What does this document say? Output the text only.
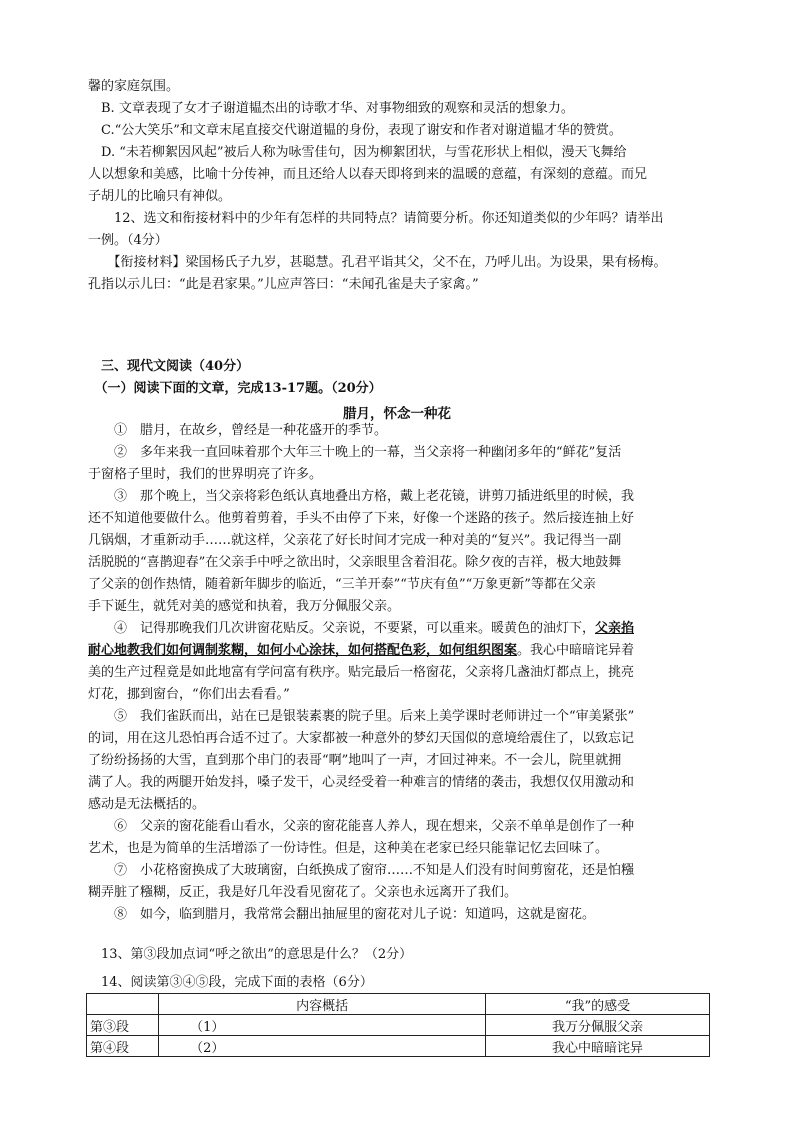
馨的家庭氛围。
　B. 文章表现了女才子谢道韫杰出的诗歌才华、对事物细致的观察和灵活的想象力。
　C.“公大笑乐”和文章末尾直接交代谢道韫的身份，表现了谢安和作者对谢道韫才华的赞赏。
　D. “未若柳絮因风起”被后人称为咏雪佳句，因为柳絮团状，与雪花形状上相似，漫天飞舞给
人以想象和美感，比喻十分传神，而且还给人以春天即将到来的温暖的意蕴，有深刻的意蕴。而兄
子胡儿的比喻只有神似。
　　12、选文和衔接材料中的少年有怎样的共同特点？请简要分析。你还知道类似的少年吗？请举出
一例。（4分）
　　【衔接材料】梁国杨氏子九岁，甚聪慧。孔君平诣其父，父不在，乃呼儿出。为设果，果有杨梅。
孔指以示儿曰：“此是君家果。”儿应声答曰：“未闻孔雀是夫子家禽。”
　三、现代文阅读（40分）
　（一）阅读下面的文章，完成13-17题。（20分）
腊月，怀念一种花
　　①　腊月，在故乡，曾经是一种花盛开的季节。
　　②　多年来我一直回味着那个大年三十晚上的一幕，当父亲将一种幽闭多年的“鲜花”复活
于窗格子里时，我们的世界明亮了许多。
　　③　那个晚上，当父亲将彩色纸认真地叠出方格，戴上老花镜，讲剪刀插进纸里的时候，我
还不知道他要做什么。他剪着剪着，手头不由停了下来，好像一个迷路的孩子。然后接连抽上好
几锅烟，才重新动手……就这样，父亲花了好长时间才完成一种对美的“复兴”。我记得当一副
活脱脱的“喜鹊迎春”在父亲手中呼之欲出时，父亲眼里含着泪花。除夕夜的吉祥，极大地鼓舞
了父亲的创作热情，随着新年脚步的临近，“三羊开泰”“节庆有鱼”“万象更新”等都在父亲
手下诞生，就凭对美的感觉和执着，我万分佩服父亲。
　　④　记得那晚我们几次讲窗花贴反。父亲说，不要紧，可以重来。暖黄色的油灯下，父亲掐
耐心地教我们如何调制浆糊，如何小心涂抹，如何搭配色彩，如何组织图案。我心中暗暗诧异着
美的生产过程竟是如此地富有学问富有秩序。贴完最后一格窗花，父亲将几盏油灯都点上，挑亮
灯花，挪到窗台，“你们出去看看。”
　　⑤　我们雀跃而出，站在已是银装素裹的院子里。后来上美学课时老师讲过一个“审美紧张”
的词，用在这儿恐怕再合适不过了。大家都被一种意外的梦幻天国似的意境给震住了，以致忘记
了纷纷扬扬的大雪，直到那个串门的表哥“啊”地叫了一声，才回过神来。不一会儿，院里就拥
满了人。我的两腿开始发抖，嗓子发干，心灵经受着一种难言的情绪的袭击，我想仅仅用激动和
感动是无法概括的。
　　⑥　父亲的窗花能看山看水，父亲的窗花能喜人养人，现在想来，父亲不单单是创作了一种
艺术，也是为简单的生活增添了一份诗性。但是，这种美在老家已经只能靠记忆去回味了。
　　⑦　小花格窗换成了大玻璃窗，白纸换成了窗帘……不知是人们没有时间剪窗花，还是怕糨
糊弄脏了糨糊，反正，我是好几年没看见窗花了。父亲也永远离开了我们。
　　⑧　如今，临到腊月，我常常会翻出抽屉里的窗花对儿子说：知道吗，这就是窗花。
　13、第③段加点词“呼之欲出”的意思是什么？（2分）
　14、阅读第③④⑤段，完成下面的表格（6分）
	内容概括	“我”的感受
第③段	（1）	我万分佩服父亲
第④段	（2）	我心中暗暗诧异
